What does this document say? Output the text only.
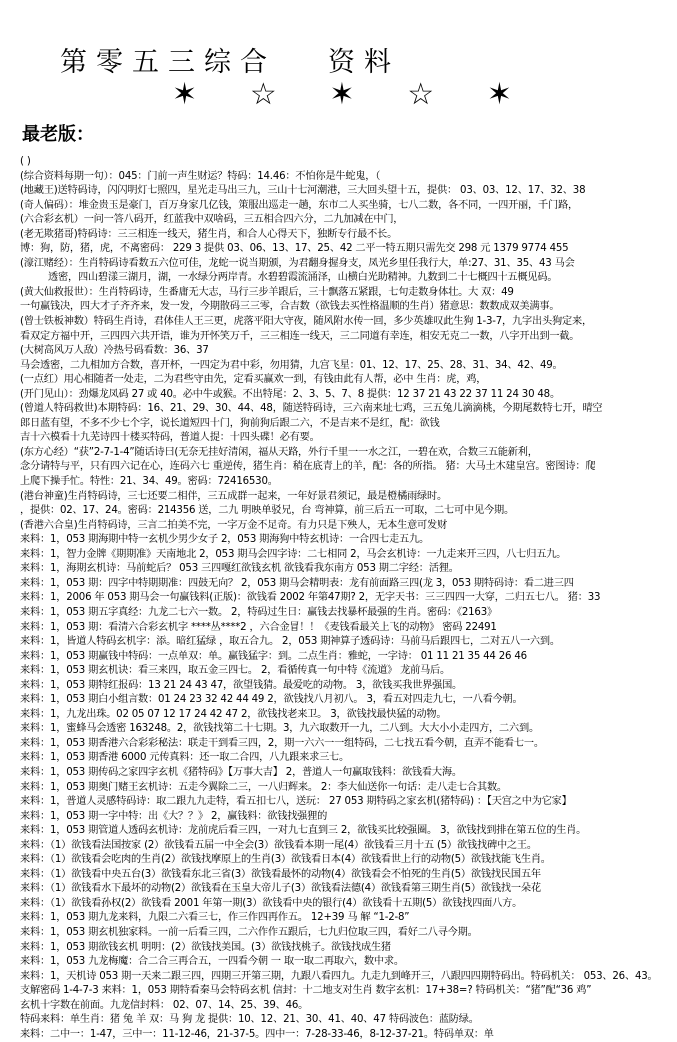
第零五三综合 资料
✶ ☆ ✶ ☆ ✶
最老版：
( )
(综合资料每期一句）：045：门前一声生财运？特码：14.46：不怕你是牛蛇鬼，（
(地藏王)送特码诗，闪闪明灯七照四，星光走马出三九，三山十七河潮港，三大回头望十五，提供： 03、03、12、17、32、38
(奇人偏码）：堆金贵玉是豪门，百万身家几亿钱，策服出巡走一趟，东市二人买坐骑，七八二数，各不同，一四开丽，千门路，
(六合彩玄机）一问一答八码开，红蓝我中双啥码，三五相合四六分，二九加减在中门，
(老无欺猪哥)特码诗：三三相连一线天，猪生肖，和合人心得天下，独断专行最不长。
博：狗，防，猪，虎，不离密码： 229 3 提供 03、06、13、17、25、42 二平一特五期只需先交 298 元 1379 9774 455
(濠江赌经）：生肖特码诗看数五六位可佳，龙蛇一说当期颁，为君翻身握身支，凤光乡里任我行大，单:27、31、35、43 马会
透密，四山碧漾三湖月，湖，一水绿分两岸青。水碧碧霞流涌泽，山横白光助精神。九数到二十七概四十五概见码。
(黄大仙救报世）：生肖特码诗，生番庸无大志，马行三步羊跟后，三十飘落五紧跟，七句走数身体壮。大 双：49
一句赢钱决，四大才子齐齐来，发一发，今期散码三三零，合吉数（欲钱去买性格温顺的生肖）猪意思：数数成双美满事。
(曾士铁板神数）特码生肖诗，君体佳人王三更，虎落平阳大守夜，随风附水传一回，多少英雄叹此生狗 1-3-7，九字出头狗定来，
看双定方福中开，三四四六共开语，谁为开怀笑万千，三三相连一线天，三二同道有幸连，相安无克二一数，八字开出到一截。
(大树高风万人敌）冷热号码看数：36、37
马会透密，二九相加方合数，喜开杯，一四定为君中彩，勿用猜，九宫飞星：01、12、17、25、28、31、34、42、49。
(一点红）用心相随者一处走，二为君些守由先，定看买赢欢一到，有钱由此有人帮，必中 生肖：虎，鸡，
(开门见山）：劲爆龙凤码 27 或 40。必中牛或猴。不出特尾：2、3、5、7、8 提供：12 37 21 43 22 37 11 24 30 48。
(曾道人特码救世)本期特码：16、21、29、30、44、48，随送特码诗，三六南来址七鸡，三五兔儿滴滴桃，今期尾数特七开，晴空
郎日蓝有望，不多不少七个字，说长道短四十门，狗前狗后跟二六，不是吉来不是红，配：欲钱
吉十六模看十九芜诗四十楼买特码，普道人提：十四头碟！必有要。
(东方心经）“获”2-7-1-4”随话诗曰(无奈无挂好清闲，福从天路，外行千里一一水之江，一碧在欢，合数三五能新利，
念分请特与平，只有四六记在心，连码六七 重逆传，猪生肖：稍在底青上的羊，配：各的所指。 猪：大马土木建皇宫。密图诗：爬
上爬下操手忙。特性：21、34、49。密码：72416530。
(港台神童)生肖特码诗，三七还要二相伴，三五成群一起来，一年好景君须记，最是橙橘雨绿时。
，提供：02、17、24。密码：214356 送，二九 明映单驳兄，台 弯神算，前三后五一可取，二七可中见今期。
(香港六合皇)生肖特码诗，三言二拍美不完，一字万金不足奇。有力只是下殃人，无本生意可发财
来料：1，053 期海期中特一玄机少男少女子 2，053 期海狗中特玄机诗：一合四七走五九。
来料：1，智力金牌《期期准》天南地北 2，053 期马会四字诗：二七相同 2，马会玄机诗：一九走来开三四，八七归五九。
来料：1，海期玄机诗：马前蛇后？ 053 三四嘎红欲钱玄机 欲钱看我东南方 053 期二字经：活狸。
来料：1，053 期：四字中特期期准：四鼓无向？ 2，053 期马会精明表：龙有前面路三四(龙 3，053 期特码诗：看二进三四
来料：1，2006 年 053 期马会一句赢钱料(正版)：欲钱看 2002 年第47期? 2，无字天书：三三四四一大穿，二归五七八。 猪：33
来料：1，053 期五字真经：九龙二七六一数。 2，特码过生日：赢钱去找暴杯最强的生肖。密码：《2163》
来料：1，053 期：看清六合彩玄机字 ****丛****2 ，六合金冒！！《麦钱看最关上飞的动物》 密码 22491
来料：1，皆道人特码玄机字：添。暗红猛绿 ，取五合九。 2，053 期神算子透码诗：马前马后跟四七，二对五八一六到。
来料：1，053 期赢钱中特码：一点单双：单。赢钱猛字：到。二点生肖：雅蛇，一字诗： 01 11 21 35 44 26 46
来料：1，053 期玄机诀：看三来四，取五金三四七。 2，看循传真一句中特《流道》 龙前马后。
来料：1，053 期特红报码：13 21 24 43 47，欲望钱猜。最爱吃的动物。 3，欲钱买我世界强国。
来料：1，053 期白小组言数：01 24 23 32 42 44 49 2，欲钱找八月初八。 3，看五对四走九七，一八看今朝。
来料：1，九龙出珠。02 05 07 12 17 24 42 47 2，欲钱找老来卫。 3，欲钱找最快猛的动物。
来料：1，蜜蜂马会透密 163248。2，欲钱找第二十七期。3，九六取数开一九，二八到。大大小小走四方，二六到。
来料：1，053 期香港六合彩彩秘法：联走干到看三四，2，期一六六一一组特码，二七找五看今朝，直弄不能看七一。
来料：1，053 期香港 6000 元传真料：还一取二合四，八九跟来求三七。
来料：1，053 期传码之家四字玄机《猪特码》【万事大吉】 2，普道人一句赢取钱料：欲钱看大海。
来料：1，053 期奥门赌王玄机诗：五走今翼除二三，一八归辉来。 2：李大仙送你一句话：走八走七合其数。
来料：1，普道人灵感特码诗：取二跟九九走特，看五扣七八，送玩： 27 053 期特码之家玄机(猪特码) ：【天宫之中为它家】
来料：1，053 期一字中特：出《大？？》 2，赢钱料：欲钱找强狸的
来料：1，053 期管道人透码玄机诗：龙前虎后看三四，一对九七直到三 2，欲钱买比较强圈。 3，欲钱找到排在第五位的生肖。
来料：（1）欲钱看法国按家 (2）欲钱看五届一中全会(3）欲钱看本期一尾(4）欲钱看三月十五 (5）欲钱找碑中之王。
来料：（1）欲钱看会吃肉的生肖(2）欲钱找摩原上的生肖(3）欲钱看日本(4）欲钱看世上行的动物(5）欲钱找能飞生肖。
来料：（1）欲钱看中央五台(3）欲钱看东北三省(3）欲钱看最怀的动物(4）欲钱看会不怕死的生肖(5）欲钱找民国五年
来料：（1）欲钱看水下最坏的动物(2）欲钱看在玉皇大帝儿子(3）欲钱看法德(4）欲钱看第三期生肖(5）欲钱找一朵花
来料：（1）欲钱看孙权(2）欲钱看 2001 年第一期(3）欲钱看中央的银行(4）欲钱看十五期(5）欲钱找四面八方。
来料：1，053 期九龙来料，九限二六看三七，作三作四再作五。 12+39 马 解 “1-2-8”
来料：1，053 期玄机独家料。一前一后看三四，二六作作五跟后，七九归位取三四，看好二八寻今期。
来料：1，053 期欲钱玄机 明明：(2）欲钱找美国。(3）欲钱找桃子。欲钱找成生猪
来料：1，053 九龙梅魔：合二合三再合五，一四看今朝 一 取一取二再取六，数中求。
来料：1，天机诗 053 期一天来二跟三四，四期三开第三期，九跟八看四九。九走九到峰开三，八跟四四期特码出。特码机关： 053、26、43。
支解密码 1-4-7-3 来料：1，053 期特看秦马会特码玄机 信封：十二地支对生肖 数字玄机：17+38=? 特码机关：“猪”配“36 鸡”
玄机十字数在前面。九龙信封料： 02、07、14、25、39、46。
特码来料：单生肖：猪 兔 羊 双：马 狗 龙 提供：10、12、21、30、41、40、47 特码波色：蓝防绿。
来料：二中一：1-47，三中一：11-12-46，21-37-5。四中一：7-28-33-46，8-12-37-21。特码单双：单
